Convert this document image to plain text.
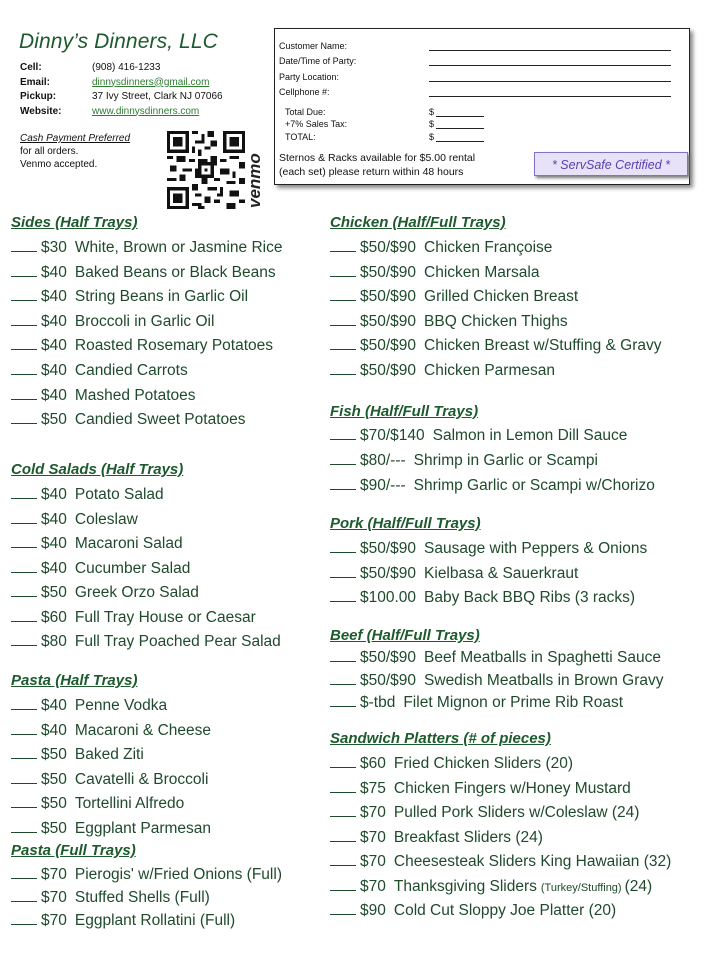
Dinny’s Dinners, LLC
Cell:	(908) 416-1233
Email:	dinnysdinners@gmail.com
Pickup:	37 Ivy Street, Clark NJ 07066
Website:	www.dinnysdinners.com
Cash Payment Preferred
for all orders.
Venmo accepted.	venmo
Customer Name:
Date/Time of Party:
Party Location:
Cellphone #:
Total Due:	$
+7% Sales Tax:	$
TOTAL:	$
Sternos & Racks available for $5.00 rental
(each set) please return within 48 hours	* ServSafe Certified *
Sides (Half Trays)
$30 White, Brown or Jasmine Rice
$40 Baked Beans or Black Beans
$40 String Beans in Garlic Oil
$40 Broccoli in Garlic Oil
$40 Roasted Rosemary Potatoes
$40 Candied Carrots
$40 Mashed Potatoes
$50 Candied Sweet Potatoes
Cold Salads (Half Trays)
$40 Potato Salad
$40 Coleslaw
$40 Macaroni Salad
$40 Cucumber Salad
$50 Greek Orzo Salad
$60 Full Tray House or Caesar
$80 Full Tray Poached Pear Salad
Pasta (Half Trays)
$40 Penne Vodka
$40 Macaroni & Cheese
$50 Baked Ziti
$50 Cavatelli & Broccoli
$50 Tortellini Alfredo
$50 Eggplant Parmesan
Pasta (Full Trays)
$70 Pierogis' w/Fried Onions (Full)
$70 Stuffed Shells (Full)
$70 Eggplant Rollatini (Full)
Chicken (Half/Full Trays)
$50/$90 Chicken Françoise
$50/$90 Chicken Marsala
$50/$90 Grilled Chicken Breast
$50/$90 BBQ Chicken Thighs
$50/$90 Chicken Breast w/Stuffing & Gravy
$50/$90 Chicken Parmesan
Fish (Half/Full Trays)
$70/$140 Salmon in Lemon Dill Sauce
$80/--- Shrimp in Garlic or Scampi
$90/--- Shrimp Garlic or Scampi w/Chorizo
Pork (Half/Full Trays)
$50/$90 Sausage with Peppers & Onions
$50/$90 Kielbasa & Sauerkraut
$100.00 Baby Back BBQ Ribs (3 racks)
Beef (Half/Full Trays)
$50/$90 Beef Meatballs in Spaghetti Sauce
$50/$90 Swedish Meatballs in Brown Gravy
$-tbd Filet Mignon or Prime Rib Roast
Sandwich Platters (# of pieces)
$60 Fried Chicken Sliders (20)
$75 Chicken Fingers w/Honey Mustard
$70 Pulled Pork Sliders w/Coleslaw (24)
$70 Breakfast Sliders (24)
$70 Cheesesteak Sliders King Hawaiian (32)
$70 Thanksgiving Sliders (Turkey/Stuffing) (24)
$90 Cold Cut Sloppy Joe Platter (20)
